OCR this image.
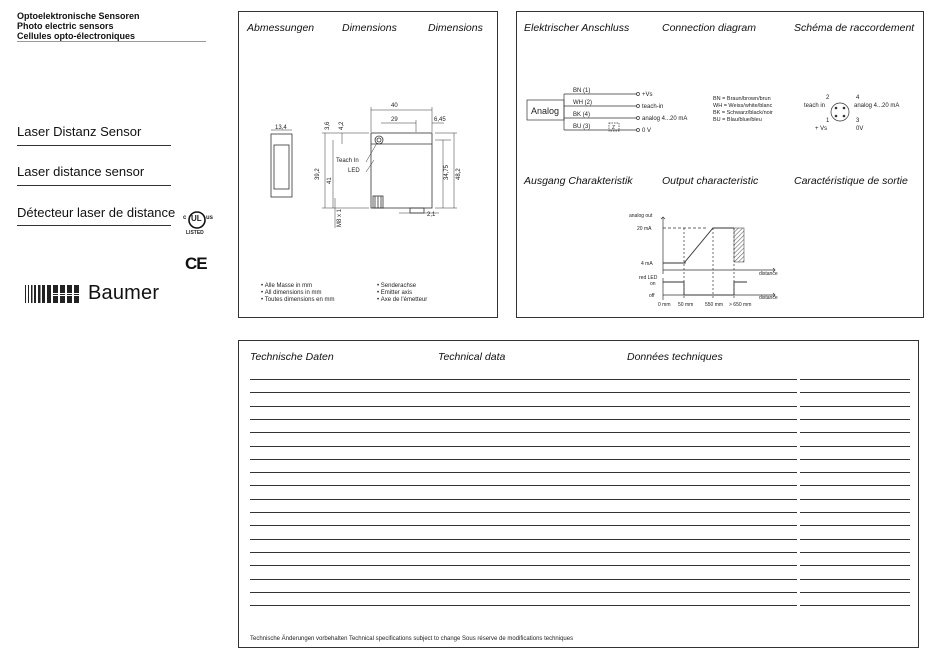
Optoelektronische Sensoren
Photo electric sensors
Cellules opto-électroniques
Laser Distanz Sensor
Laser distance sensor
Détecteur laser de distance c UL us
LISTED
CE
Baumer
Abmessungen	Dimensions	Dimensions
40
29	6,45
13,4	3,6 4,2
39,2
41
34,75 48,2
M8 x 1	2,1
Teach In
LED
• Alle Masse in mm
• All dimensions in mm
• Toutes dimensions en mm
• Senderachse
• Emitter axis
• Axe de l'émetteur
Elektrischer Anschluss	Connection diagram	Schéma de raccordement
Analog
BN (1)
WH (2)
BK (4)
BU (3)	Z
+Vs
teach-in
analog 4...20 mA
0 V
BN = Braun/brown/brun
WH = Weiss/white/blanc
BK = Schwarz/black/noir
BU = Blau/blue/bleu
2
teach in
4
analog 4...20 mA
1
+ Vs
3
0V
Ausgang Charakteristik	Output characteristic	Caractéristique de sortie
analog out
20 mA
4 mA
distance
red LED
on
off	distance
0 mm 50 mm 550 mm > 650 mm
Technische Daten	Technical data	Données techniques
Technische Änderungen vorbehalten Technical specifications subject to change Sous réserve de modifications techniques
